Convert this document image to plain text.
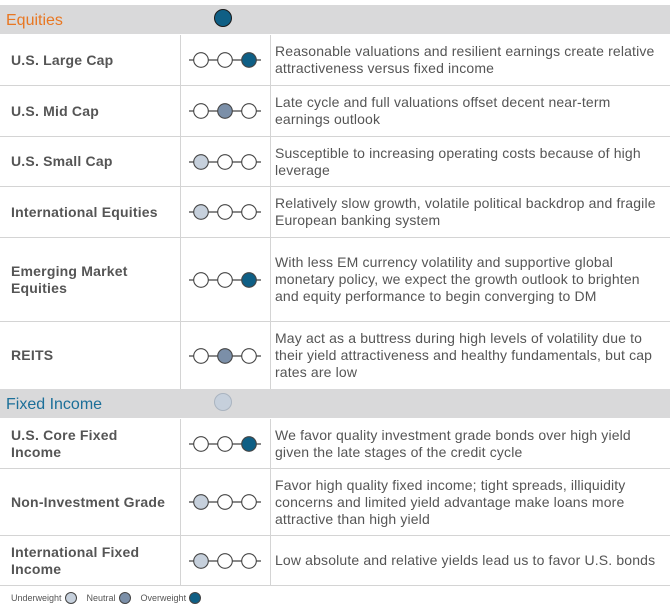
Equities
U.S. Large Cap
Reasonable valuations and resilient earnings create relative attractiveness versus fixed income
U.S. Mid Cap
Late cycle and full valuations offset decent near-term earnings outlook
U.S. Small Cap
Susceptible to increasing operating costs because of high leverage
International Equities
Relatively slow growth, volatile political backdrop and fragile European banking system
Emerging Market Equities
With less EM currency volatility and supportive global monetary policy, we expect the growth outlook to brighten and equity performance to begin converging to DM
REITS
May act as a buttress during high levels of volatility due to their yield attractiveness and healthy fundamentals, but cap rates are low
Fixed Income
U.S. Core Fixed Income
We favor quality investment grade bonds over high yield given the late stages of the credit cycle
Non-Investment Grade
Favor high quality fixed income; tight spreads, illiquidity concerns and limited yield advantage make loans more attractive than high yield
International Fixed Income
Low absolute and relative yields lead us to favor U.S. bonds
Underweight	Neutral	Overweight
